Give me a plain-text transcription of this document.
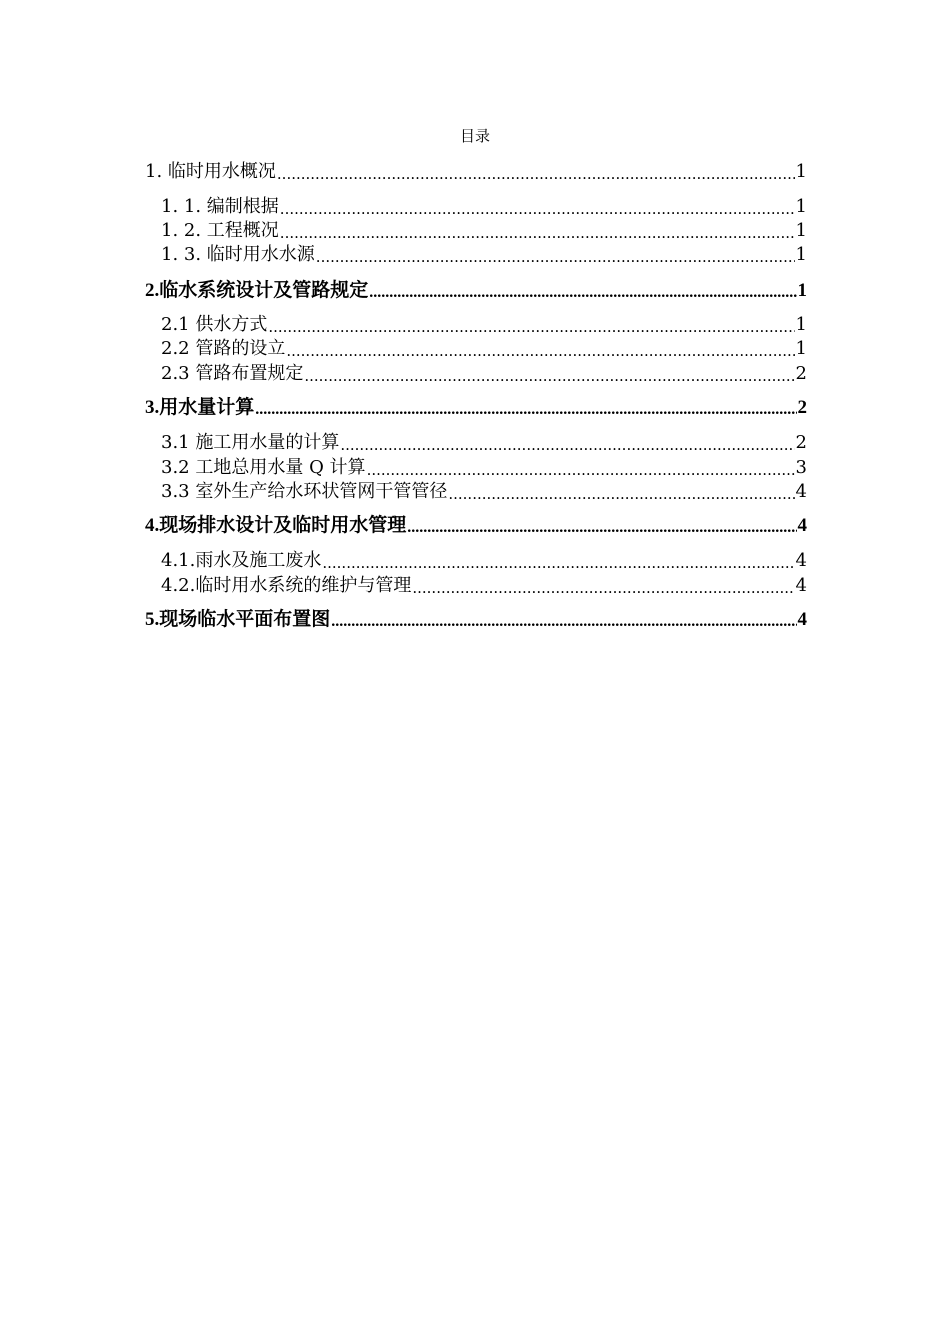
目录
1. 临时用水概况 .....	1
1. 1. 编制根据 .....	1
1. 2. 工程概况 .....	1
1. 3. 临时用水水源 .....	1
2.临水系统设计及管路规定 .....	1
2.1 供水方式 .....	1
2.2 管路的设立 .....	1
2.3 管路布置规定 .....	2
3.用水量计算 .....	2
3.1 施工用水量的计算 .....	2
3.2 工地总用水量 Q 计算 .....	3
3.3 室外生产给水环状管网干管管径 .....	4
4.现场排水设计及临时用水管理 .....	4
4.1.雨水及施工废水 .....	4
4.2.临时用水系统的维护与管理 .....	4
5.现场临水平面布置图 .....	4
